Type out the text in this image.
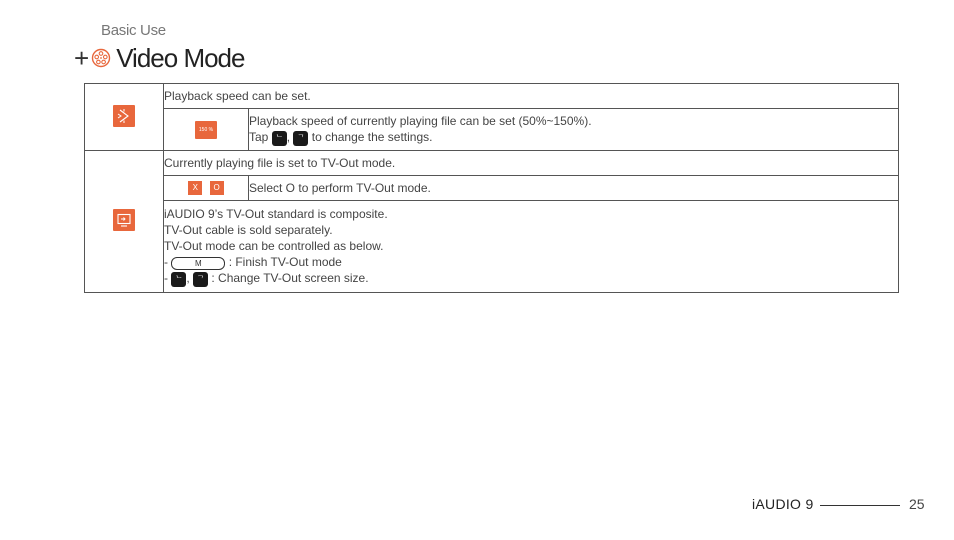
Basic Use
+ Video Mode
	Playback speed can be set.	
	150 %	Playback speed of currently playing file can be set (50%~150%).
Tap ᄂ , ᄀ to change the settings.

	Currently playing file is set to TV-Out mode.	
	X O	Select O to perform TV-Out mode.

	iAUDIO 9’s TV-Out standard is composite.
TV-Out cable is sold separately.
TV-Out mode can be controlled as below.
- M : Finish TV-Out mode
- ᄂ , ᄀ : Change TV-Out screen size.	
iAUDIO 9	25
